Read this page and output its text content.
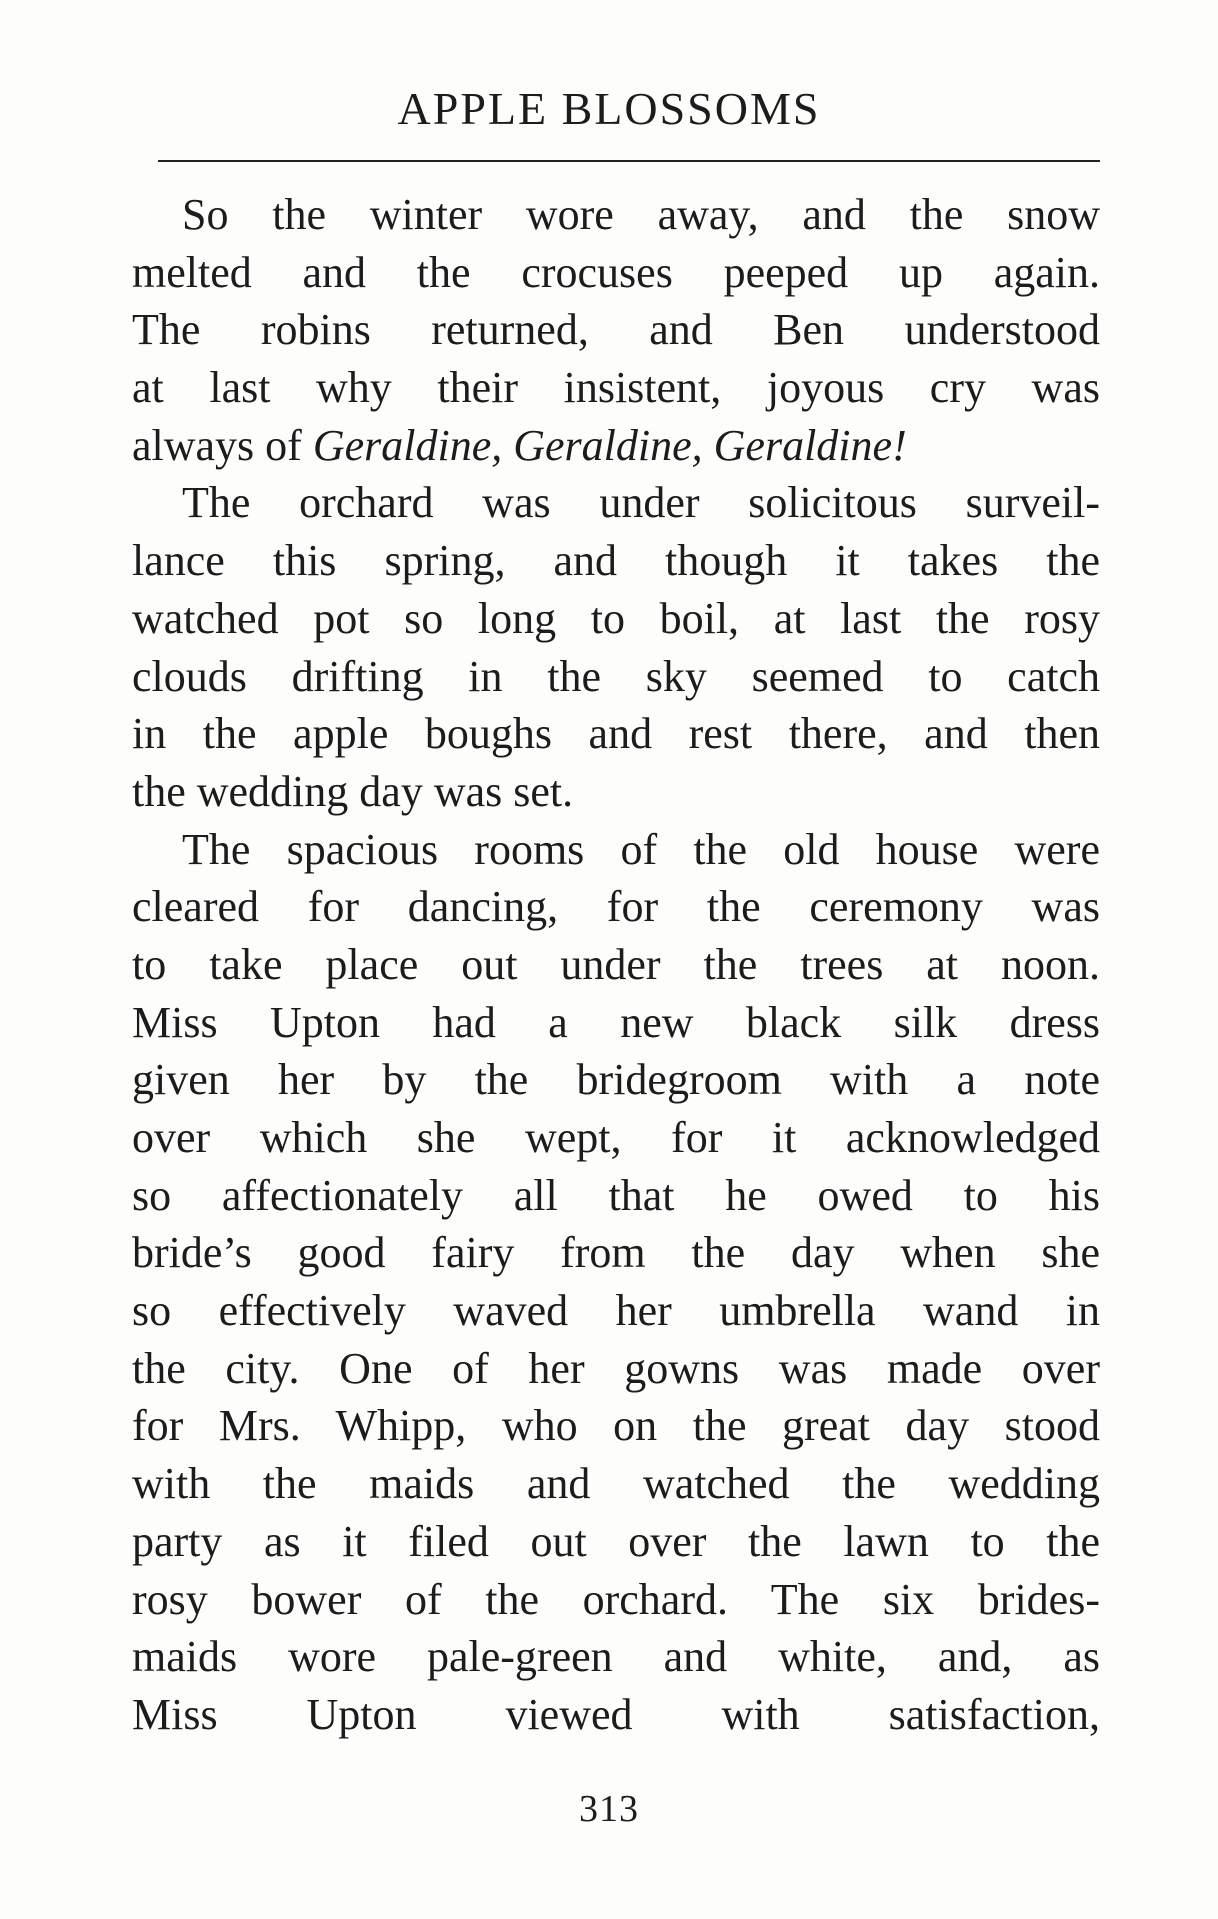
APPLE BLOSSOMS
So the winter wore away, and the snow
melted and the crocuses peeped up again.
The robins returned, and Ben understood
at last why their insistent, joyous cry was
always of Geraldine, Geraldine, Geraldine!
The orchard was under solicitous surveil-
lance this spring, and though it takes the
watched pot so long to boil, at last the rosy
clouds drifting in the sky seemed to catch
in the apple boughs and rest there, and then
the wedding day was set.
The spacious rooms of the old house were
cleared for dancing, for the ceremony was
to take place out under the trees at noon.
Miss Upton had a new black silk dress
given her by the bridegroom with a note
over which she wept, for it acknowledged
so affectionately all that he owed to his
bride’s good fairy from the day when she
so effectively waved her umbrella wand in
the city. One of her gowns was made over
for Mrs. Whipp, who on the great day stood
with the maids and watched the wedding
party as it filed out over the lawn to the
rosy bower of the orchard. The six brides-
maids wore pale-green and white, and, as
Miss Upton viewed with satisfaction,
313
